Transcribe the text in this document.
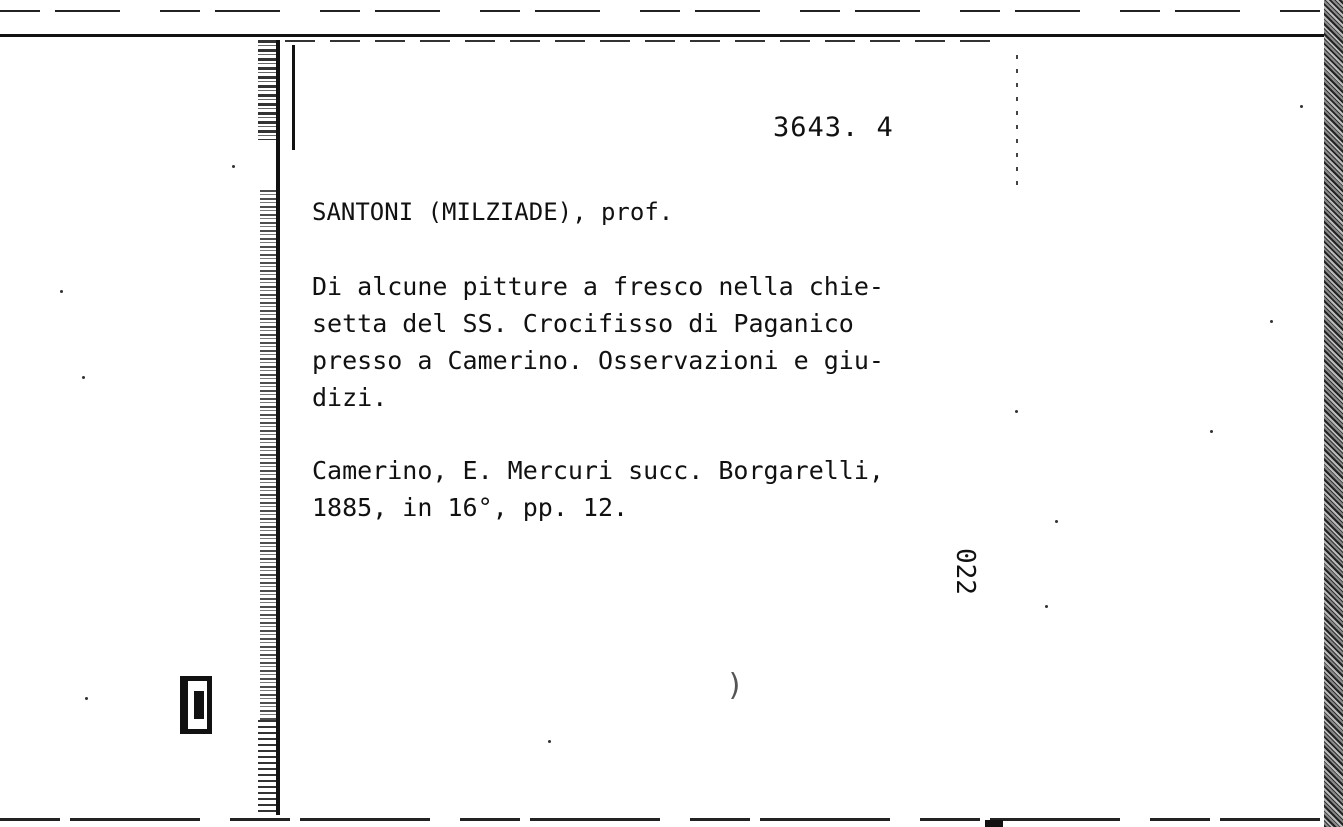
3643. 4
SANTONI (MILZIADE), prof.
Di alcune pitture a fresco nella chie-
setta del SS. Crocifisso di Paganico
presso a Camerino. Osservazioni e giu-
dizi.
Camerino, E. Mercuri succ. Borgarelli,
1885, in 16°, pp. 12.
022
)
